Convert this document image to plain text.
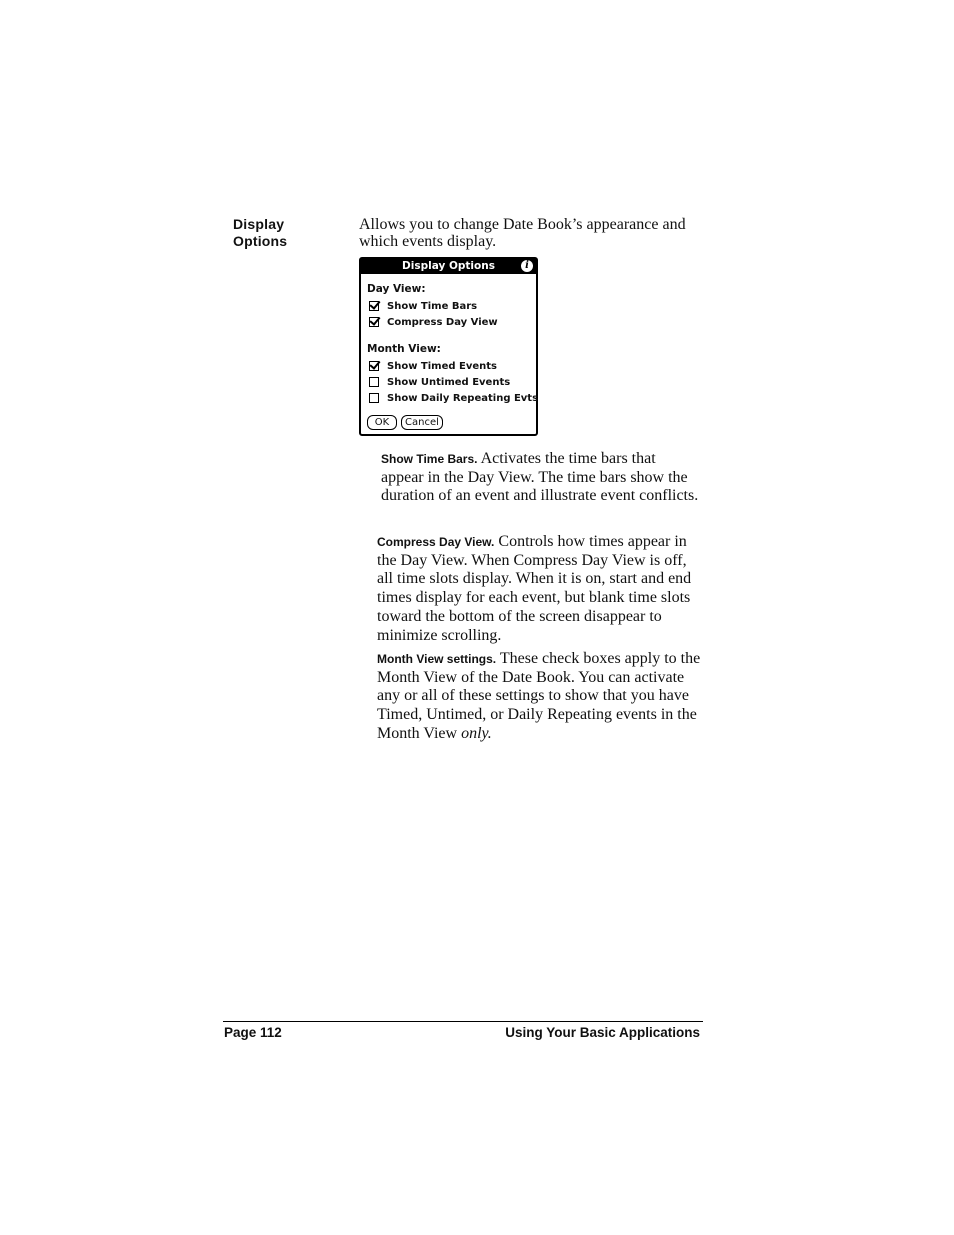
Display
Options
Allows you to change Date Book’s appearance and which events display.
Display Options	i
Day View:
Show Time Bars
Compress Day View
Month View:
Show Timed Events
Show Untimed Events
Show Daily Repeating Evts
OK	Cancel
Show Time Bars. Activates the time bars that appear in the Day View. The time bars show the duration of an event and illustrate event conflicts.
Compress Day View. Controls how times appear in the Day View. When Compress Day View is off, all time slots display. When it is on, start and end times display for each event, but blank time slots toward the bottom of the screen disappear to minimize scrolling.
Month View settings. These check boxes apply to the Month View of the Date Book. You can activate any or all of these settings to show that you have Timed, Untimed, or Daily Repeating events in the Month View only.
Page 112	Using Your Basic Applications
